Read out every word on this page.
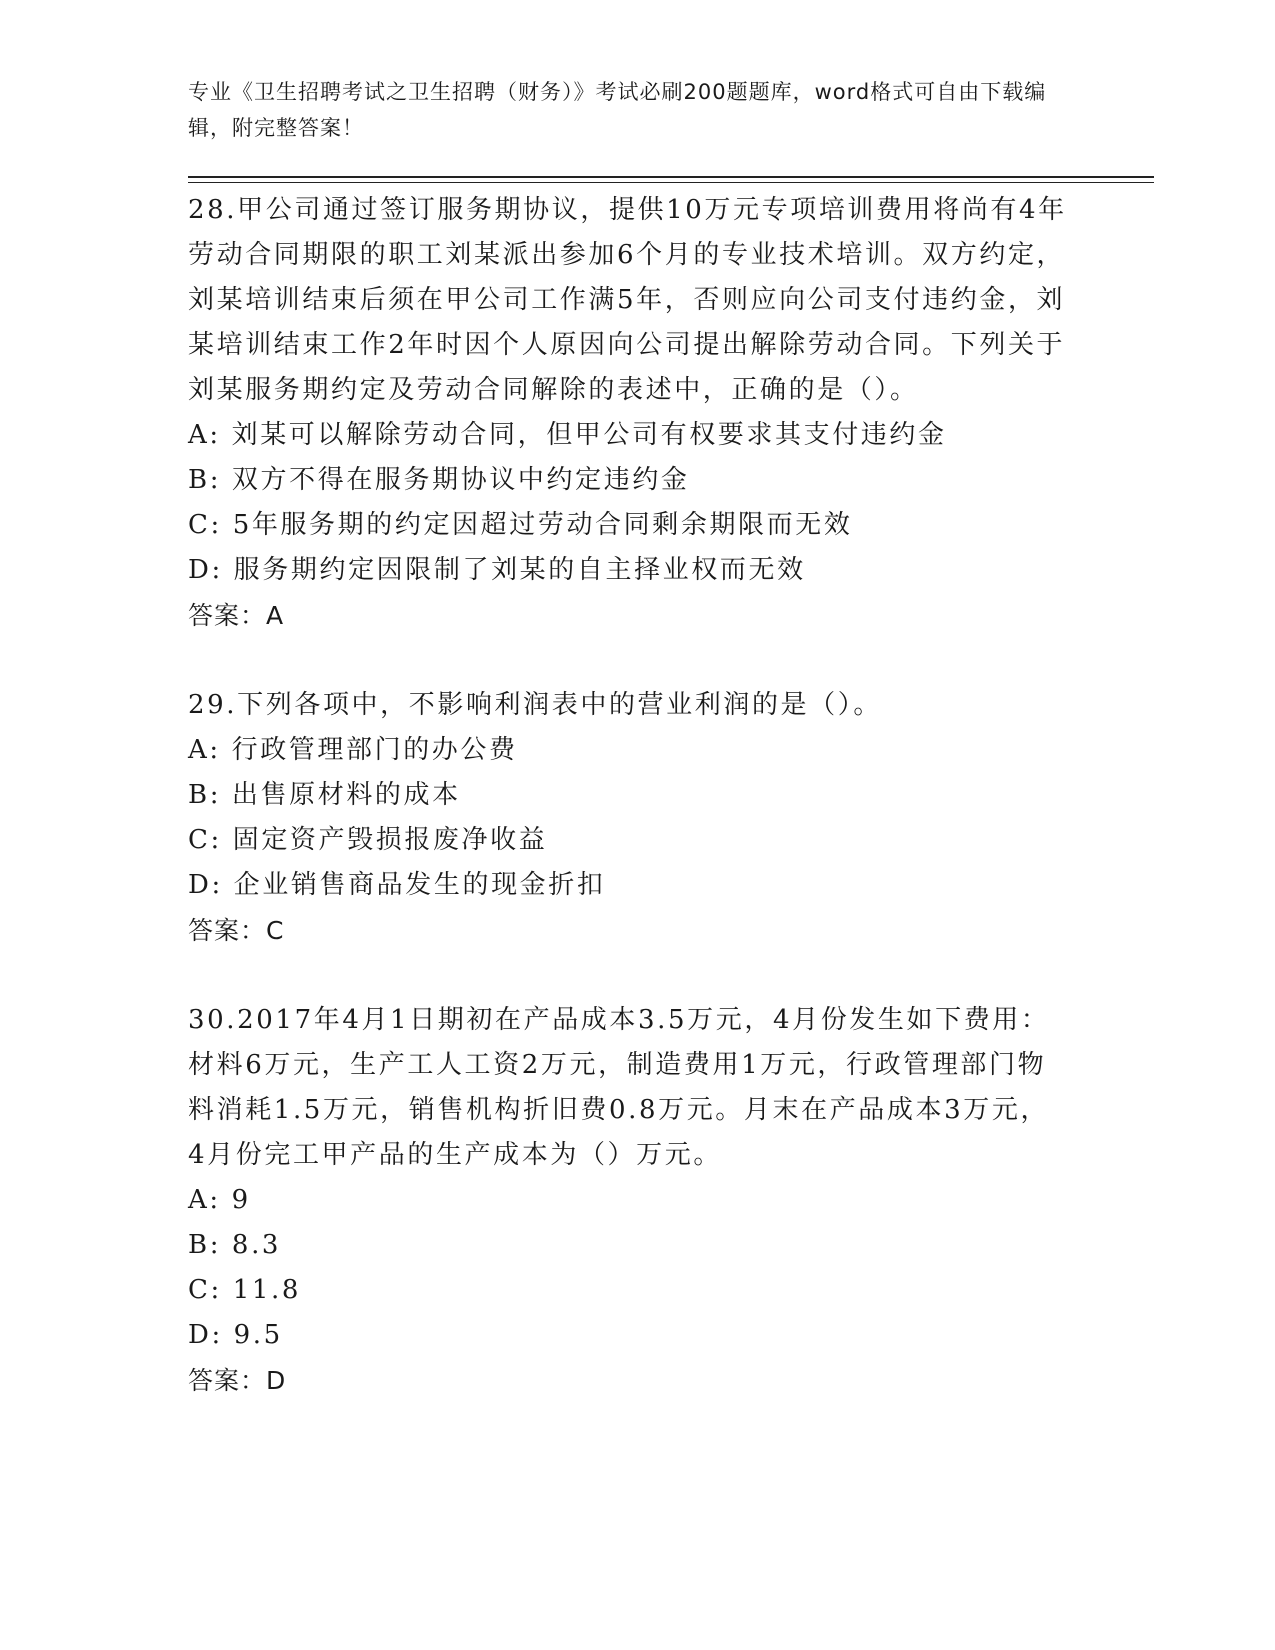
专业《卫生招聘考试之卫生招聘（财务）》考试必刷200题题库，word格式可自由下载编辑，附完整答案！

28.甲公司通过签订服务期协议，提供10万元专项培训费用将尚有4年劳动合同期限的职工刘某派出参加6个月的专业技术培训。双方约定，刘某培训结束后须在甲公司工作满5年，否则应向公司支付违约金，刘某培训结束工作2年时因个人原因向公司提出解除劳动合同。下列关于刘某服务期约定及劳动合同解除的表述中，正确的是（）。

A: 刘某可以解除劳动合同，但甲公司有权要求其支付违约金

B: 双方不得在服务期协议中约定违约金

C: 5年服务期的约定因超过劳动合同剩余期限而无效

D: 服务期约定因限制了刘某的自主择业权而无效

答案：A

29.下列各项中，不影响利润表中的营业利润的是（）。

A: 行政管理部门的办公费

B: 出售原材料的成本

C: 固定资产毁损报废净收益

D: 企业销售商品发生的现金折扣

答案：C

30.2017年4月1日期初在产品成本3.5万元，4月份发生如下费用：材料6万元，生产工人工资2万元，制造费用1万元，行政管理部门物料消耗1.5万元，销售机构折旧费0.8万元。月末在产品成本3万元，4月份完工甲产品的生产成本为（）万元。

A: 9

B: 8.3

C: 11.8

D: 9.5

答案：D
